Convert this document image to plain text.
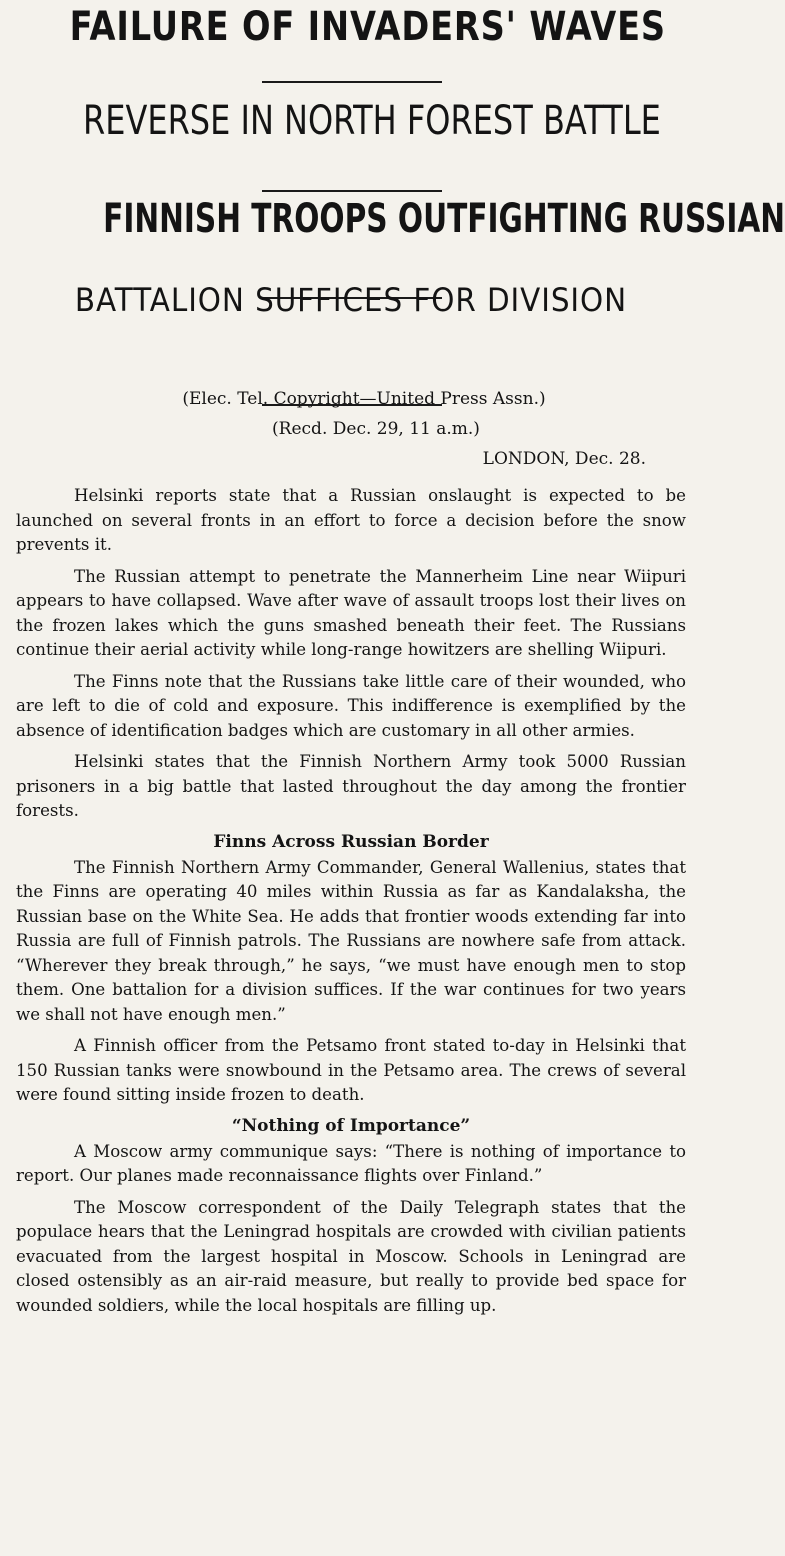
FAILURE OF INVADERS' WAVES
REVERSE IN NORTH FOREST BATTLE
FINNISH TROOPS OUTFIGHTING RUSSIAN
BATTALION SUFFICES FOR DIVISION

(Elec. Tel. Copyright—United Press Assn.)

(Recd. Dec. 29, 11 a.m.)

LONDON, Dec. 28.

Helsinki reports state that a Russian onslaught is expected to be launched on several fronts in an effort to force a decision before the snow prevents it.

The Russian attempt to penetrate the Mannerheim Line near Wiipuri appears to have collapsed. Wave after wave of assault troops lost their lives on the frozen lakes which the guns smashed beneath their feet. The Russians continue their aerial activity while long-range howitzers are shelling Wiipuri.

The Finns note that the Russians take little care of their wounded, who are left to die of cold and exposure. This indifference is exemplified by the absence of identification badges which are customary in all other armies.

Helsinki states that the Finnish Northern Army took 5000 Russian prisoners in a big battle that lasted throughout the day among the frontier forests.

Finns Across Russian Border

The Finnish Northern Army Commander, General Wallenius, states that the Finns are operating 40 miles within Russia as far as Kandalaksha, the Russian base on the White Sea. He adds that frontier woods extending far into Russia are full of Finnish patrols. The Russians are nowhere safe from attack. “Wherever they break through,” he says, “we must have enough men to stop them. One battalion for a division suffices. If the war continues for two years we shall not have enough men.”

A Finnish officer from the Petsamo front stated to-day in Helsinki that 150 Russian tanks were snowbound in the Petsamo area. The crews of several were found sitting inside frozen to death.

“Nothing of Importance”

A Moscow army communique says: “There is nothing of importance to report. Our planes made reconnaissance flights over Finland.”

The Moscow correspondent of the Daily Telegraph states that the populace hears that the Leningrad hospitals are crowded with civilian patients evacuated from the largest hospital in Moscow. Schools in Leningrad are closed ostensibly as an air-raid measure, but really to provide bed space for wounded soldiers, while the local hospitals are filling up.
